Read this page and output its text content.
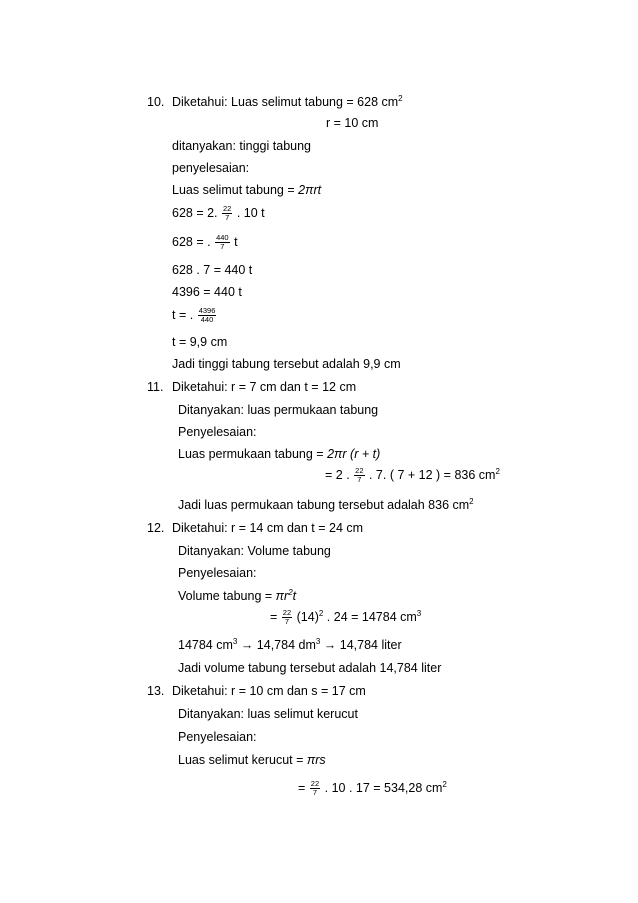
10. Diketahui: Luas selimut tabung = 628 $cm^2$
r = 10 cm
ditanyakan: tinggi tabung
penyelesaian:
Luas selimut tabung = 2πrt
628 = 2. $\frac{22}{7}$ . 10 t
628 = . $\frac{440}{7}$ t
628 . 7 = 440 t
4396 = 440 t
t = . $\frac{4396}{440}$
t = 9,9 cm
Jadi tinggi tabung tersebut adalah 9,9 cm
11. Diketahui: r = 7 cm dan t = 12 cm
Ditanyakan: luas permukaan tabung
Penyelesaian:
Luas permukaan tabung = 2πr (r + t)
= 2 . $\frac{22}{7}$ . 7. ( 7 + 12 ) = 836 $cm^2$
Jadi luas permukaan tabung tersebut adalah 836 $cm^2$
12. Diketahui: r = 14 cm dan t = 24 cm
Ditanyakan: Volume tabung
Penyelesaian:
Volume tabung = $\pi r^2t$
= $\frac{22}{7} (14)^2$ . 24 = 14784 $cm^3$
14784 $cm^3 \to 14,784$ $dm^3 \to 14,784$ liter
Jadi volume tabung tersebut adalah 14,784 liter
13. Diketahui: r = 10 cm dan s = 17 cm
Ditanyakan: luas selimut kerucut
Penyelesaian:
Luas selimut kerucut = πrs
= $\frac{22}{7}$ . 10 . 17 = 534,28 $cm^2$
